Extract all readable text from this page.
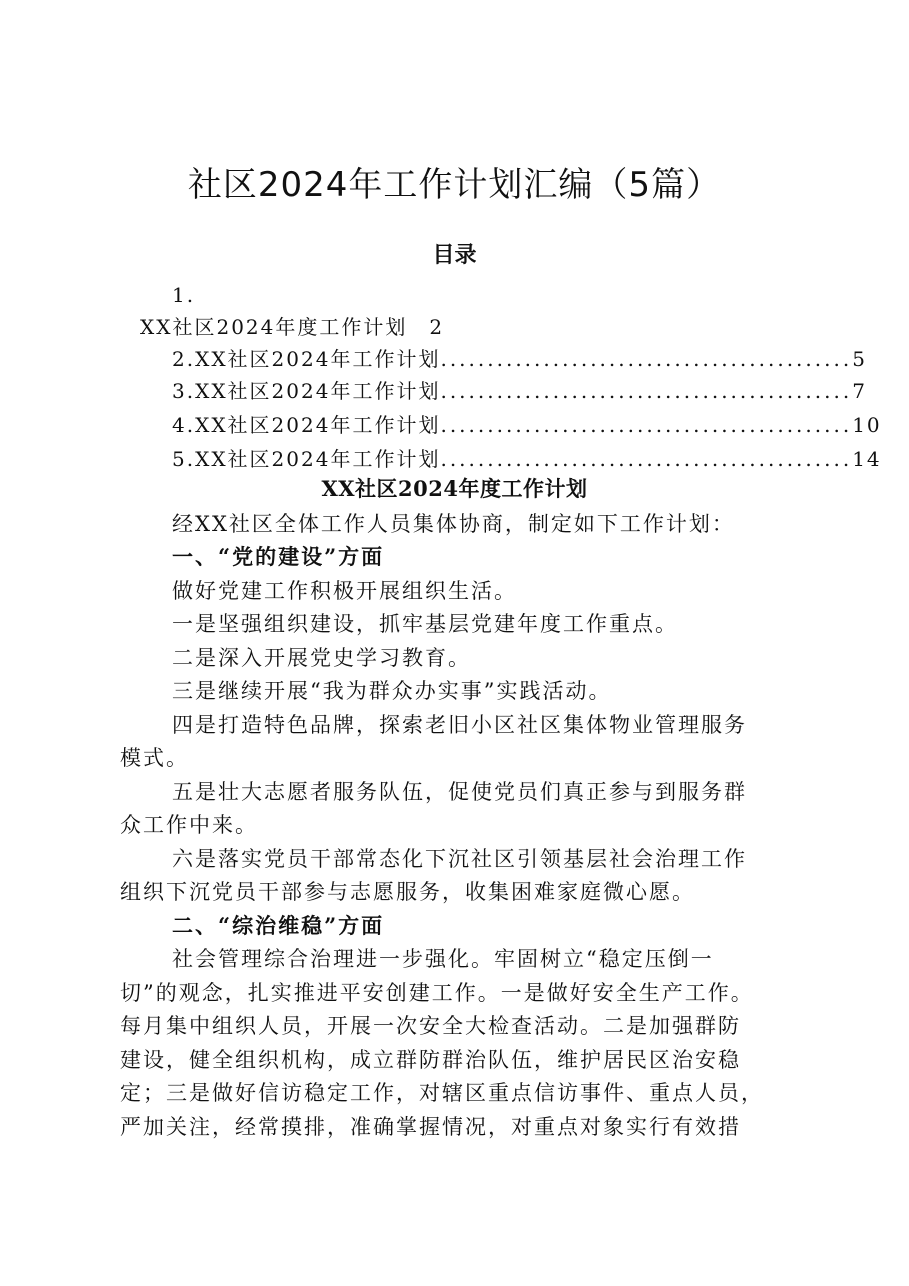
社区2024年工作计划汇编（5篇）
目录
1.
XX社区2024年度工作计划 2
2.XX社区2024年工作计划 ............................................ 5
3.XX社区2024年工作计划 ............................................ 7
4.XX社区2024年工作计划 ............................................ 10
5.XX社区2024年工作计划 ............................................ 14
XX社区2024年度工作计划
经XX社区全体工作人员集体协商，制定如下工作计划：
一、“党的建设”方面
做好党建工作积极开展组织生活。
一是坚强组织建设，抓牢基层党建年度工作重点。
二是深入开展党史学习教育。
三是继续开展“我为群众办实事”实践活动。
四是打造特色品牌，探索老旧小区社区集体物业管理服务
模式。
五是壮大志愿者服务队伍，促使党员们真正参与到服务群
众工作中来。
六是落实党员干部常态化下沉社区引领基层社会治理工作
组织下沉党员干部参与志愿服务，收集困难家庭微心愿。
二、“综治维稳”方面
社会管理综合治理进一步强化。牢固树立“稳定压倒一
切”的观念，扎实推进平安创建工作。一是做好安全生产工作。
每月集中组织人员，开展一次安全大检查活动。二是加强群防
建设，健全组织机构，成立群防群治队伍，维护居民区治安稳
定；三是做好信访稳定工作，对辖区重点信访事件、重点人员，
严加关注，经常摸排，准确掌握情况，对重点对象实行有效措
